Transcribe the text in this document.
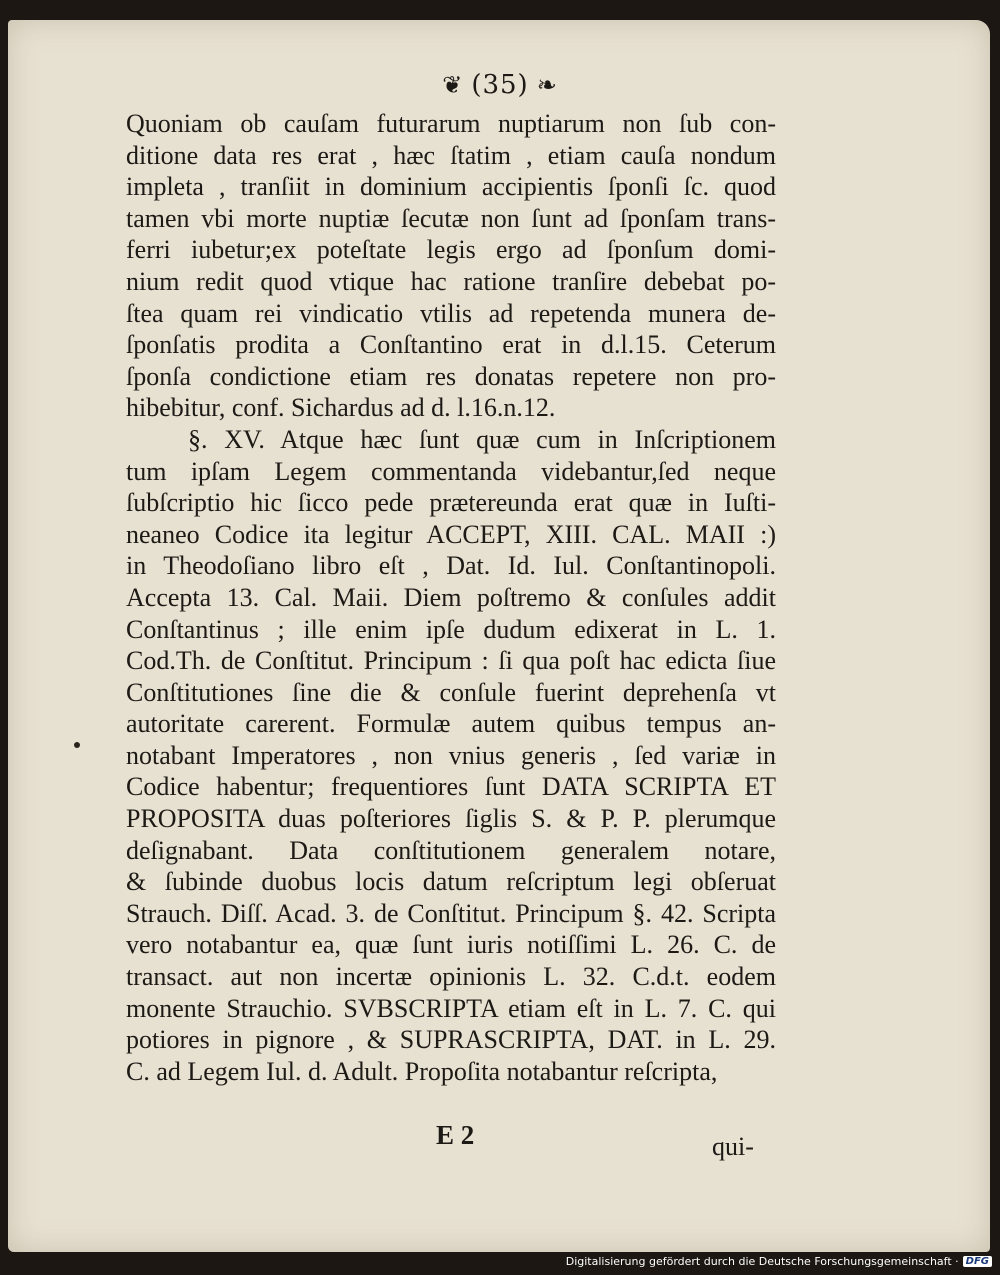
❦ (35) ❧
Quoniam ob cauſam futurarum nuptiarum non ſub con-
ditione data res erat , hæc ſtatim , etiam cauſa nondum
impleta , tranſiit in dominium accipientis ſponſi ſc. quod
tamen vbi morte nuptiæ ſecutæ non ſunt ad ſponſam trans-
ferri iubetur;ex poteſtate legis ergo ad ſponſum domi-
nium redit quod vtique hac ratione tranſire debebat po-
ſtea quam rei vindicatio vtilis ad repetenda munera de-
ſponſatis prodita a Conſtantino erat in d.l.15. Ceterum
ſponſa condictione etiam res donatas repetere non pro-
hibebitur, conf. Sichardus ad d. l.16.n.12.
§. XV. Atque hæc ſunt quæ cum in Inſcriptionem
tum ipſam Legem commentanda videbantur,ſed neque
ſubſcriptio hic ſicco pede prætereunda erat quæ in Iuſti-
neaneo Codice ita legitur ACCEPT, XIII. CAL. MAII :)
in Theodoſiano libro eſt , Dat. Id. Iul. Conſtantinopoli.
Accepta 13. Cal. Maii. Diem poſtremo & conſules addit
Conſtantinus ; ille enim ipſe dudum edixerat in L. 1.
Cod.Th. de Conſtitut. Principum : ſi qua poſt hac edicta ſiue
Conſtitutiones ſine die & conſule fuerint deprehenſa vt
autoritate carerent. Formulæ autem quibus tempus an-
notabant Imperatores , non vnius generis , ſed variæ in
Codice habentur; frequentiores ſunt DATA SCRIPTA ET
PROPOSITA duas poſteriores ſiglis S. & P. P. plerumque
deſignabant. Data conſtitutionem generalem notare,
& ſubinde duobus locis datum reſcriptum legi obſeruat
Strauch. Diſſ. Acad. 3. de Conſtitut. Principum §. 42. Scripta
vero notabantur ea, quæ ſunt iuris notiſſimi L. 26. C. de
transact. aut non incertæ opinionis L. 32. C.d.t. eodem
monente Strauchio. SVBSCRIPTA etiam eſt in L. 7. C. qui
potiores in pignore , & SUPRASCRIPTA, DAT. in L. 29.
C. ad Legem Iul. d. Adult. Propoſita notabantur reſcripta,
E 2	qui-
Digitalisierung gefördert durch die Deutsche Forschungsgemeinschaft · DFG
